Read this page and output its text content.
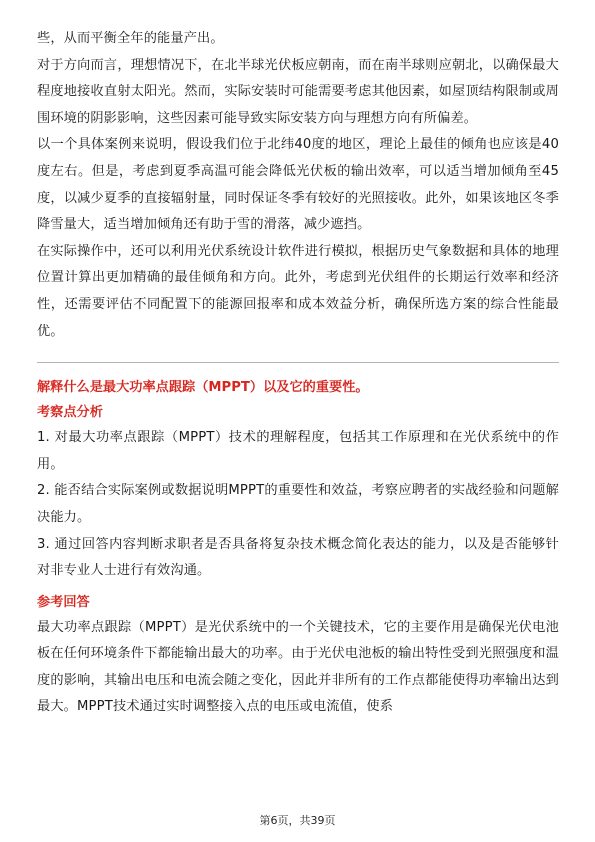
些，从而平衡全年的能量产出。

对于方向而言，理想情况下，在北半球光伏板应朝南，而在南半球则应朝北，以确保最大程度地接收直射太阳光。然而，实际安装时可能需要考虑其他因素，如屋顶结构限制或周围环境的阴影影响，这些因素可能导致实际安装方向与理想方向有所偏差。

以一个具体案例来说明，假设我们位于北纬40度的地区，理论上最佳的倾角也应该是40度左右。但是，考虑到夏季高温可能会降低光伏板的输出效率，可以适当增加倾角至45度，以减少夏季的直接辐射量，同时保证冬季有较好的光照接收。此外，如果该地区冬季降雪量大，适当增加倾角还有助于雪的滑落，减少遮挡。

在实际操作中，还可以利用光伏系统设计软件进行模拟，根据历史气象数据和具体的地理位置计算出更加精确的最佳倾角和方向。此外，考虑到光伏组件的长期运行效率和经济性，还需要评估不同配置下的能源回报率和成本效益分析，确保所选方案的综合性能最优。

解释什么是最大功率点跟踪（MPPT）以及它的重要性。

考察点分析

1. 对最大功率点跟踪（MPPT）技术的理解程度，包括其工作原理和在光伏系统中的作用。

2. 能否结合实际案例或数据说明MPPT的重要性和效益，考察应聘者的实战经验和问题解决能力。

3. 通过回答内容判断求职者是否具备将复杂技术概念简化表达的能力，以及是否能够针对非专业人士进行有效沟通。

参考回答

最大功率点跟踪（MPPT）是光伏系统中的一个关键技术，它的主要作用是确保光伏电池板在任何环境条件下都能输出最大的功率。由于光伏电池板的输出特性受到光照强度和温度的影响，其输出电压和电流会随之变化，因此并非所有的工作点都能使得功率输出达到最大。MPPT技术通过实时调整接入点的电压或电流值，使系

第6页，共39页
